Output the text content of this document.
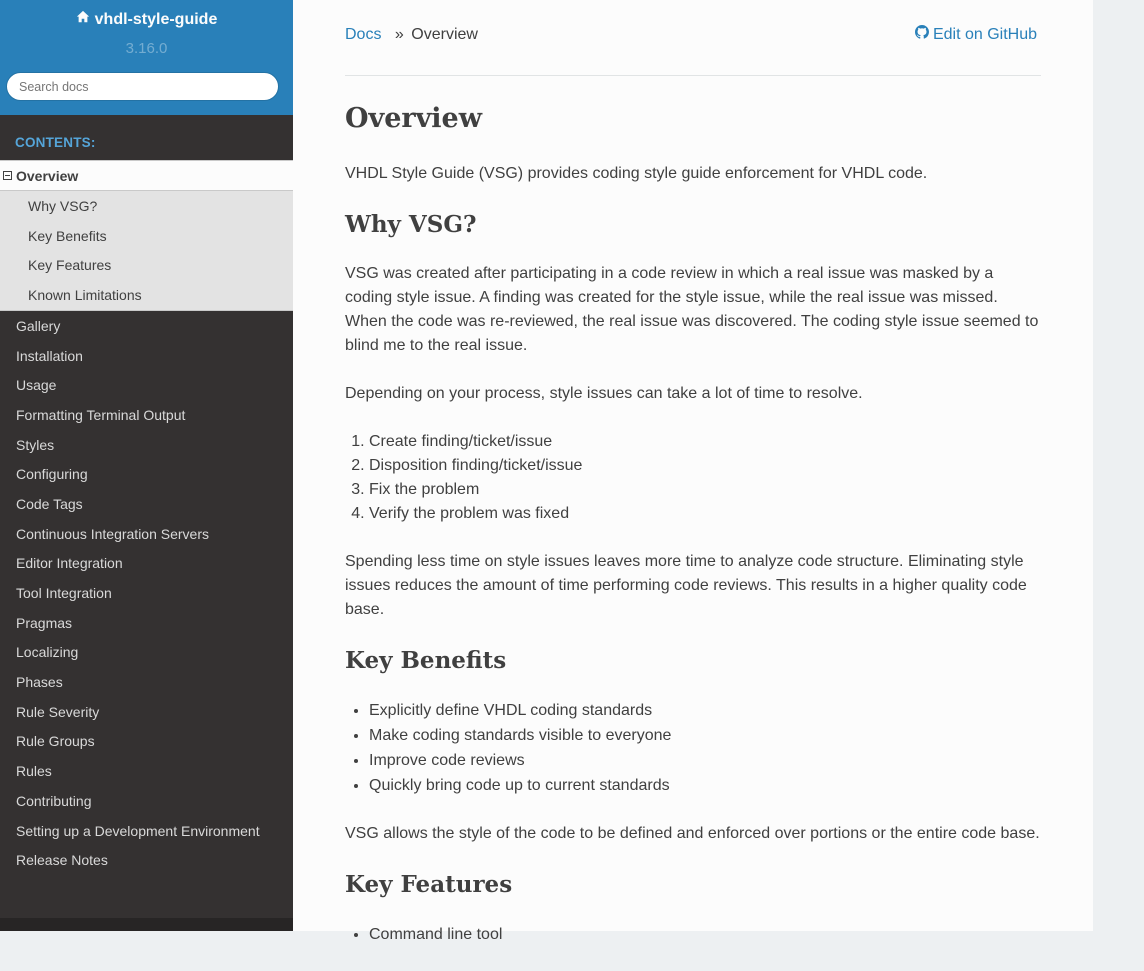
vhdl-style-guide
3.16.0
Search docs
CONTENTS:
Overview
Why VSG?
Key Benefits
Key Features
Known Limitations
Gallery
Installation
Usage
Formatting Terminal Output
Styles
Configuring
Code Tags
Continuous Integration Servers
Editor Integration
Tool Integration
Pragmas
Localizing
Phases
Rule Severity
Rule Groups
Rules
Contributing
Setting up a Development Environment
Release Notes
Docs » Overview	Edit on GitHub
Overview

VHDL Style Guide (VSG) provides coding style guide enforcement for VHDL code.

Why VSG?

VSG was created after participating in a code review in which a real issue was masked by a coding style issue. A finding was created for the style issue, while the real issue was missed. When the code was re-reviewed, the real issue was discovered. The coding style issue seemed to blind me to the real issue.

Depending on your process, style issues can take a lot of time to resolve.

1. Create finding/ticket/issue
2. Disposition finding/ticket/issue
3. Fix the problem
4. Verify the problem was fixed

Spending less time on style issues leaves more time to analyze code structure. Eliminating style issues reduces the amount of time performing code reviews. This results in a higher quality code base.

Key Benefits
• Explicitly define VHDL coding standards
• Make coding standards visible to everyone
• Improve code reviews
• Quickly bring code up to current standards

VSG allows the style of the code to be defined and enforced over portions or the entire code base.

Key Features
• Command line tool
